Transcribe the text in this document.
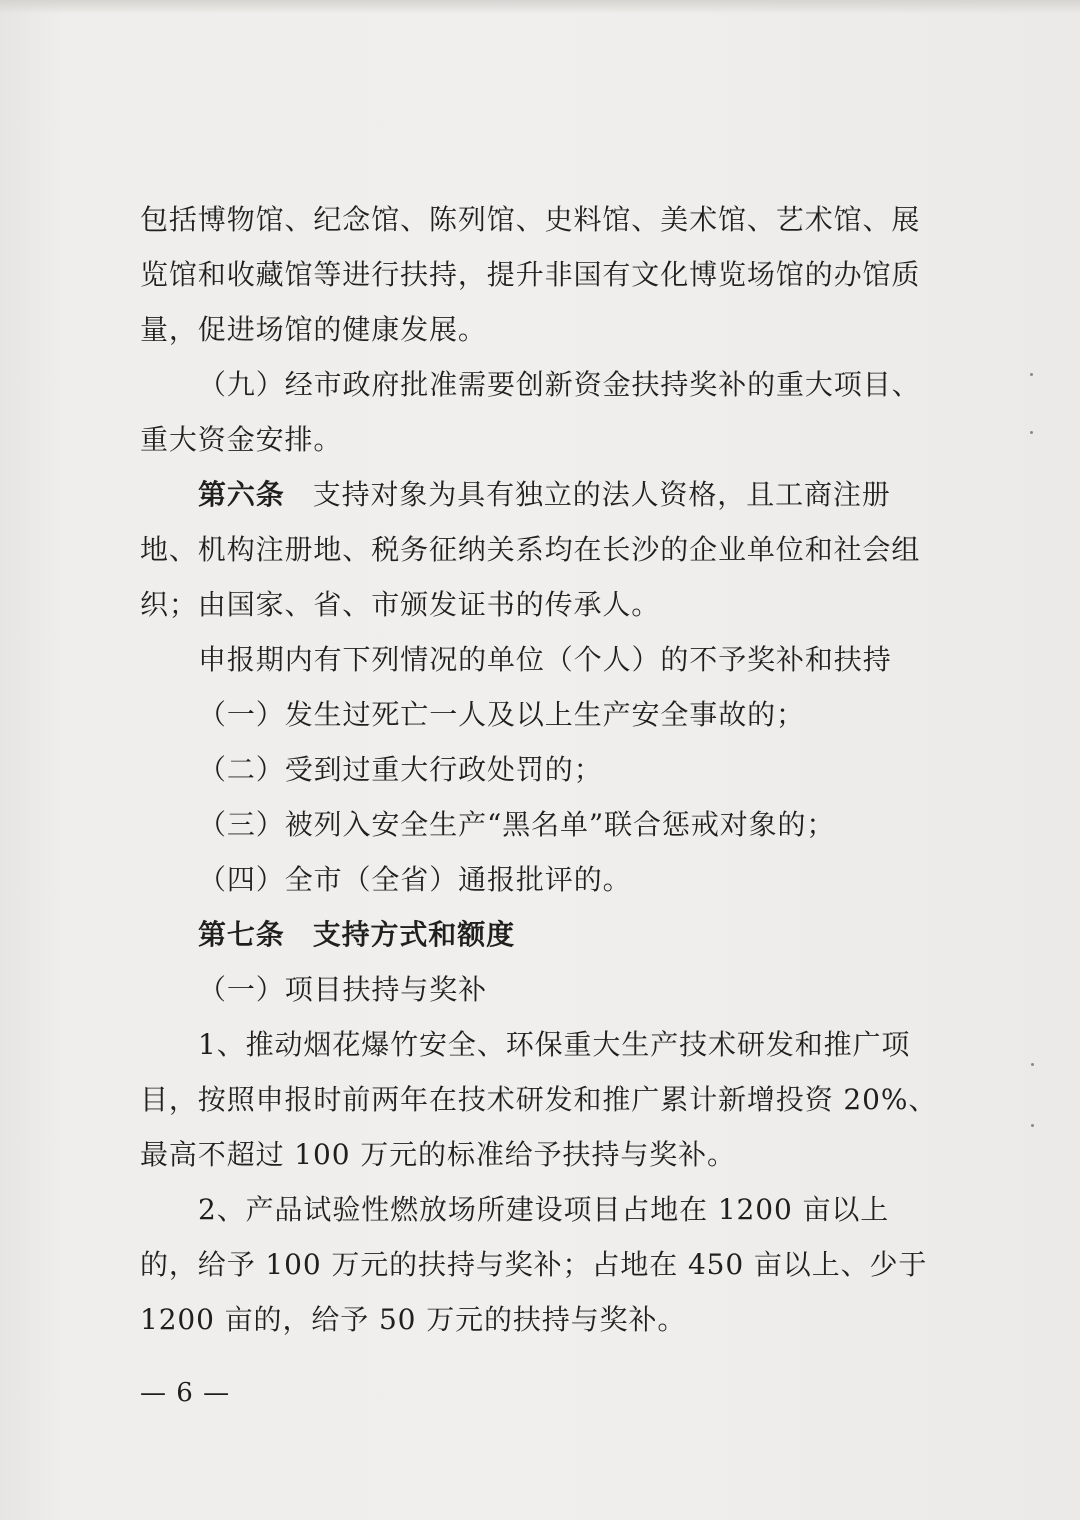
包括博物馆、纪念馆、陈列馆、史料馆、美术馆、艺术馆、展览馆和收藏馆等进行扶持，提升非国有文化博览场馆的办馆质量，促进场馆的健康发展。

（九）经市政府批准需要创新资金扶持奖补的重大项目、重大资金安排。

第六条 支持对象为具有独立的法人资格，且工商注册地、机构注册地、税务征纳关系均在长沙的企业单位和社会组织；由国家、省、市颁发证书的传承人。

申报期内有下列情况的单位（个人）的不予奖补和扶持

（一）发生过死亡一人及以上生产安全事故的；

（二）受到过重大行政处罚的；

（三）被列入安全生产“黑名单”联合惩戒对象的；

（四）全市（全省）通报批评的。

第七条 支持方式和额度

（一）项目扶持与奖补

1、推动烟花爆竹安全、环保重大生产技术研发和推广项目，按照申报时前两年在技术研发和推广累计新增投资 20%、最高不超过 100 万元的标准给予扶持与奖补。

2、产品试验性燃放场所建设项目占地在 1200 亩以上的，给予 100 万元的扶持与奖补；占地在 450 亩以上、少于 1200 亩的，给予 50 万元的扶持与奖补。

— 6 —
